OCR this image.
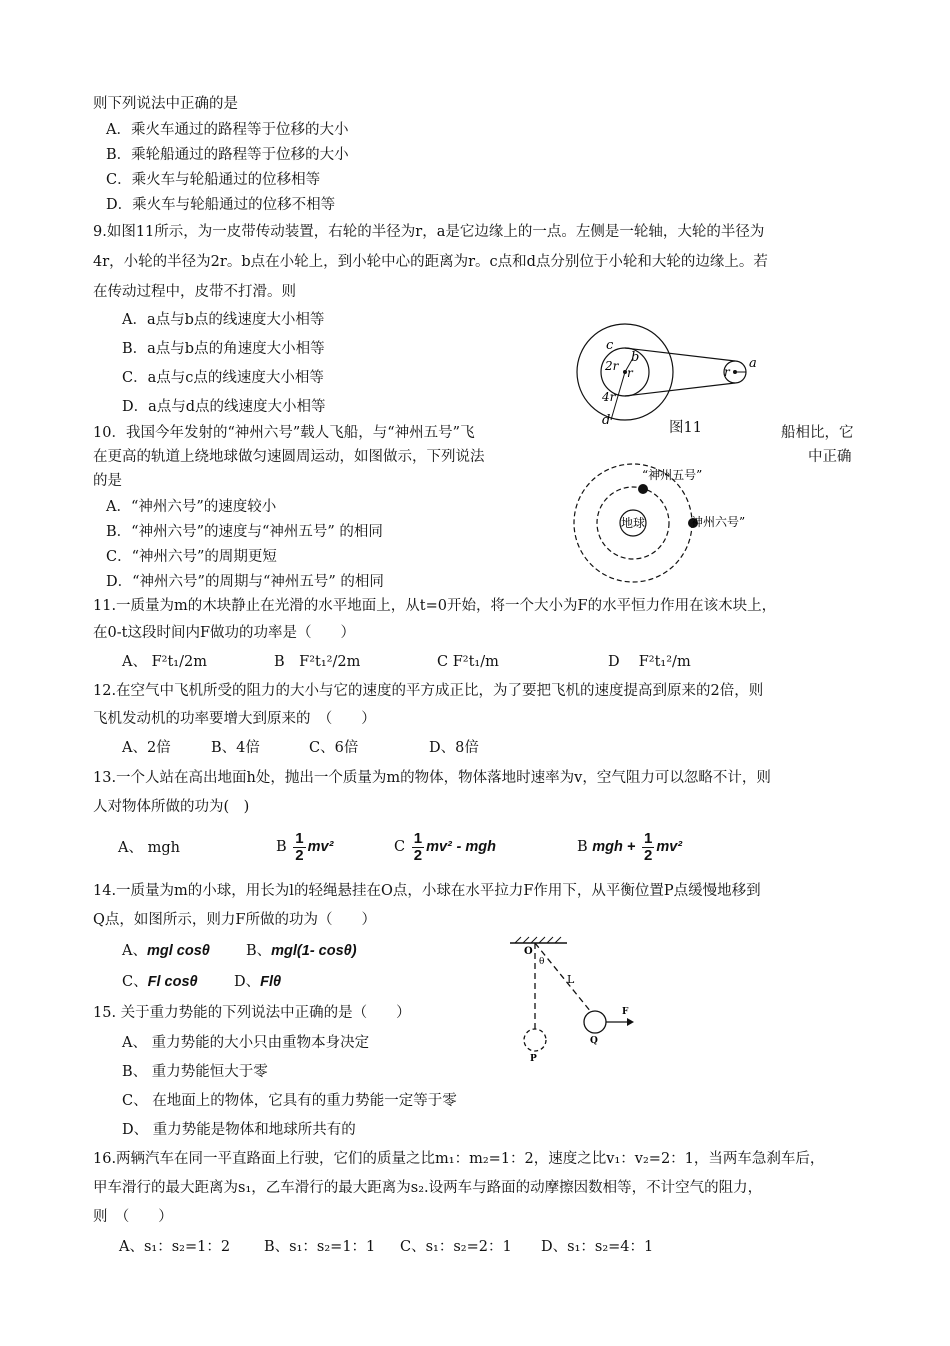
则下列说法中正确的是
A．乘火车通过的路程等于位移的大小
B．乘轮船通过的路程等于位移的大小
C．乘火车与轮船通过的位移相等
D．乘火车与轮船通过的位移不相等
9.如图11所示，为一皮带传动装置，右轮的半径为r，a是它边缘上的一点。左侧是一轮轴，大轮的半径为
4r，小轮的半径为2r。b点在小轮上，到小轮中心的距离为r。c点和d点分别位于小轮和大轮的边缘上。若
在传动过程中，皮带不打滑。则
A．a点与b点的线速度大小相等
B．a点与b点的角速度大小相等
C．a点与c点的线速度大小相等
D．a点与d点的线速度大小相等
c
b
2r r
4r
d
r
a
图11
10．我国今年发射的“神州六号”载人飞船，与“神州五号”飞	船相比，它
在更高的轨道上绕地球做匀速圆周运动，如图做示，下列说法	中正确
的是
A．“神州六号”的速度较小
B．“神州六号”的速度与“神州五号” 的相同
C．“神州六号”的周期更短
D．“神州六号”的周期与“神州五号” 的相同
地球
“神州五号”
神州六号”
11.一质量为m的木块静止在光滑的水平地面上，从t=0开始，将一个大小为F的水平恒力作用在该木块上，
在0-t这段时间内F做功的功率是（　　）
A、 F²t₁/2m	B　F²t₁²/2m	C F²t₁/m	D　 F²t₁²/m
12.在空气中飞机所受的阻力的大小与它的速度的平方成正比，为了要把飞机的速度提高到原来的2倍，则
飞机发动机的功率要增大到原来的　（　　）
A、2倍	B、4倍	C、6倍	D、8倍
13.一个人站在高出地面h处，抛出一个质量为m的物体，物体落地时速率为v，空气阻力可以忽略不计，则
人对物体所做的功为(　)
A、 mgh	B $\frac{1}{2} mv^2$	C $\frac{1}{2} mv^2$ - mgh	B mgh + $\frac{1}{2} mv^2$
14.一质量为m的小球，用长为l的轻绳悬挂在O点，小球在水平拉力F作用下，从平衡位置P点缓慢地移到
Q点，如图所示，则力F所做的功为（　　）
A、mgl cosθ B、mgl(1- cosθ)
C、Fl cosθ	D、Flθ
O
θ
L
P
Q
F
15. 关于重力势能的下列说法中正确的是（　　）
A、 重力势能的大小只由重物本身决定
B、 重力势能恒大于零
C、 在地面上的物体，它具有的重力势能一定等于零
D、 重力势能是物体和地球所共有的
16.两辆汽车在同一平直路面上行驶，它们的质量之比m₁：m₂=1：2，速度之比v₁：v₂=2：1，当两车急刹车后，
甲车滑行的最大距离为s₁，乙车滑行的最大距离为s₂.设两车与路面的动摩擦因数相等，不计空气的阻力，
则　（　　）
A、s₁：s₂=1：2 B、s₁：s₂=1：1 C、s₁：s₂=2：1 D、s₁：s₂=4：1
